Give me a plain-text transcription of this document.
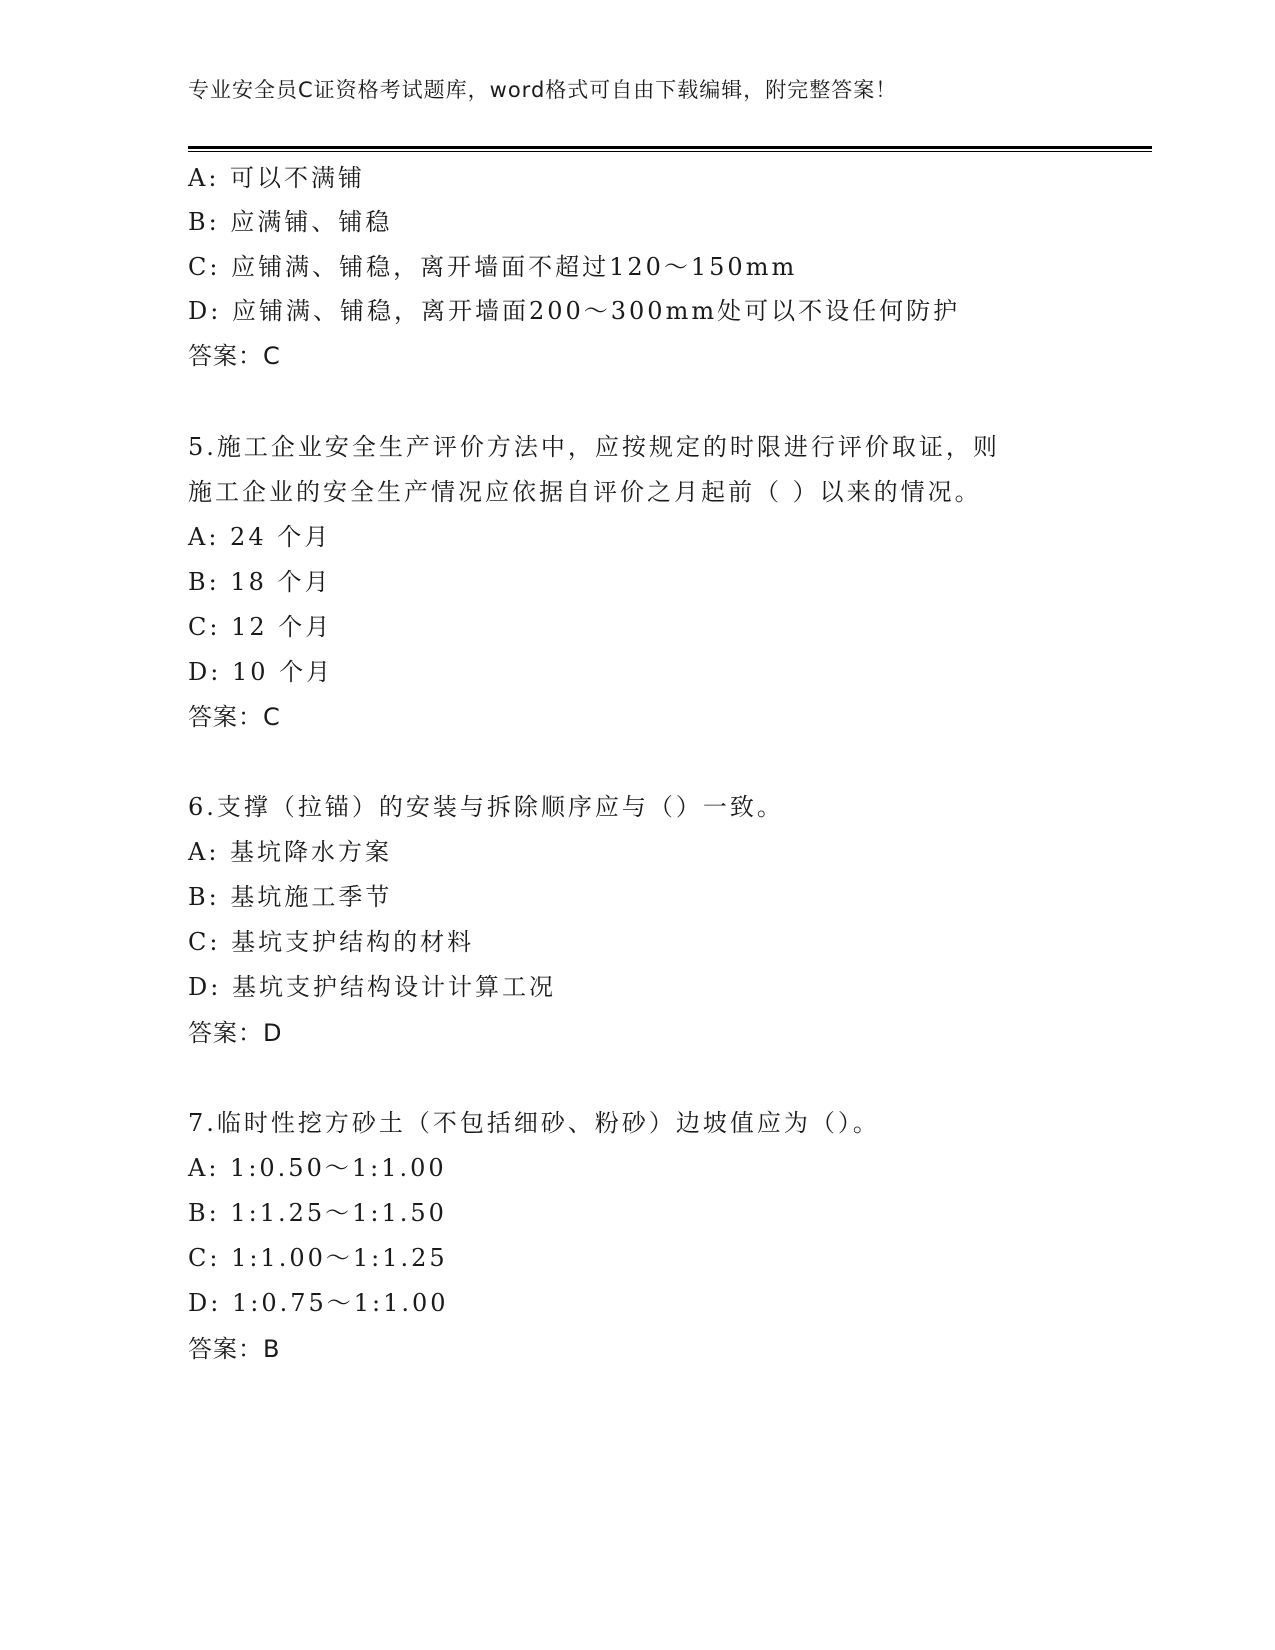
专业安全员C证资格考试题库，word格式可自由下载编辑，附完整答案！
A: 可以不满铺
B: 应满铺、铺稳
C: 应铺满、铺稳，离开墙面不超过120～150mm
D: 应铺满、铺稳，离开墙面200～300mm处可以不设任何防护
答案：C
5.施工企业安全生产评价方法中，应按规定的时限进行评价取证，则
施工企业的安全生产情况应依据自评价之月起前（ ）以来的情况。
A: 24 个月
B: 18 个月
C: 12 个月
D: 10 个月
答案：C
6.支撑（拉锚）的安装与拆除顺序应与（）一致。
A: 基坑降水方案
B: 基坑施工季节
C: 基坑支护结构的材料
D: 基坑支护结构设计计算工况
答案：D
7.临时性挖方砂土（不包括细砂、粉砂）边坡值应为（）。
A: 1:0.50～1:1.00
B: 1:1.25～1:1.50
C: 1:1.00～1:1.25
D: 1:0.75～1:1.00
答案：B
